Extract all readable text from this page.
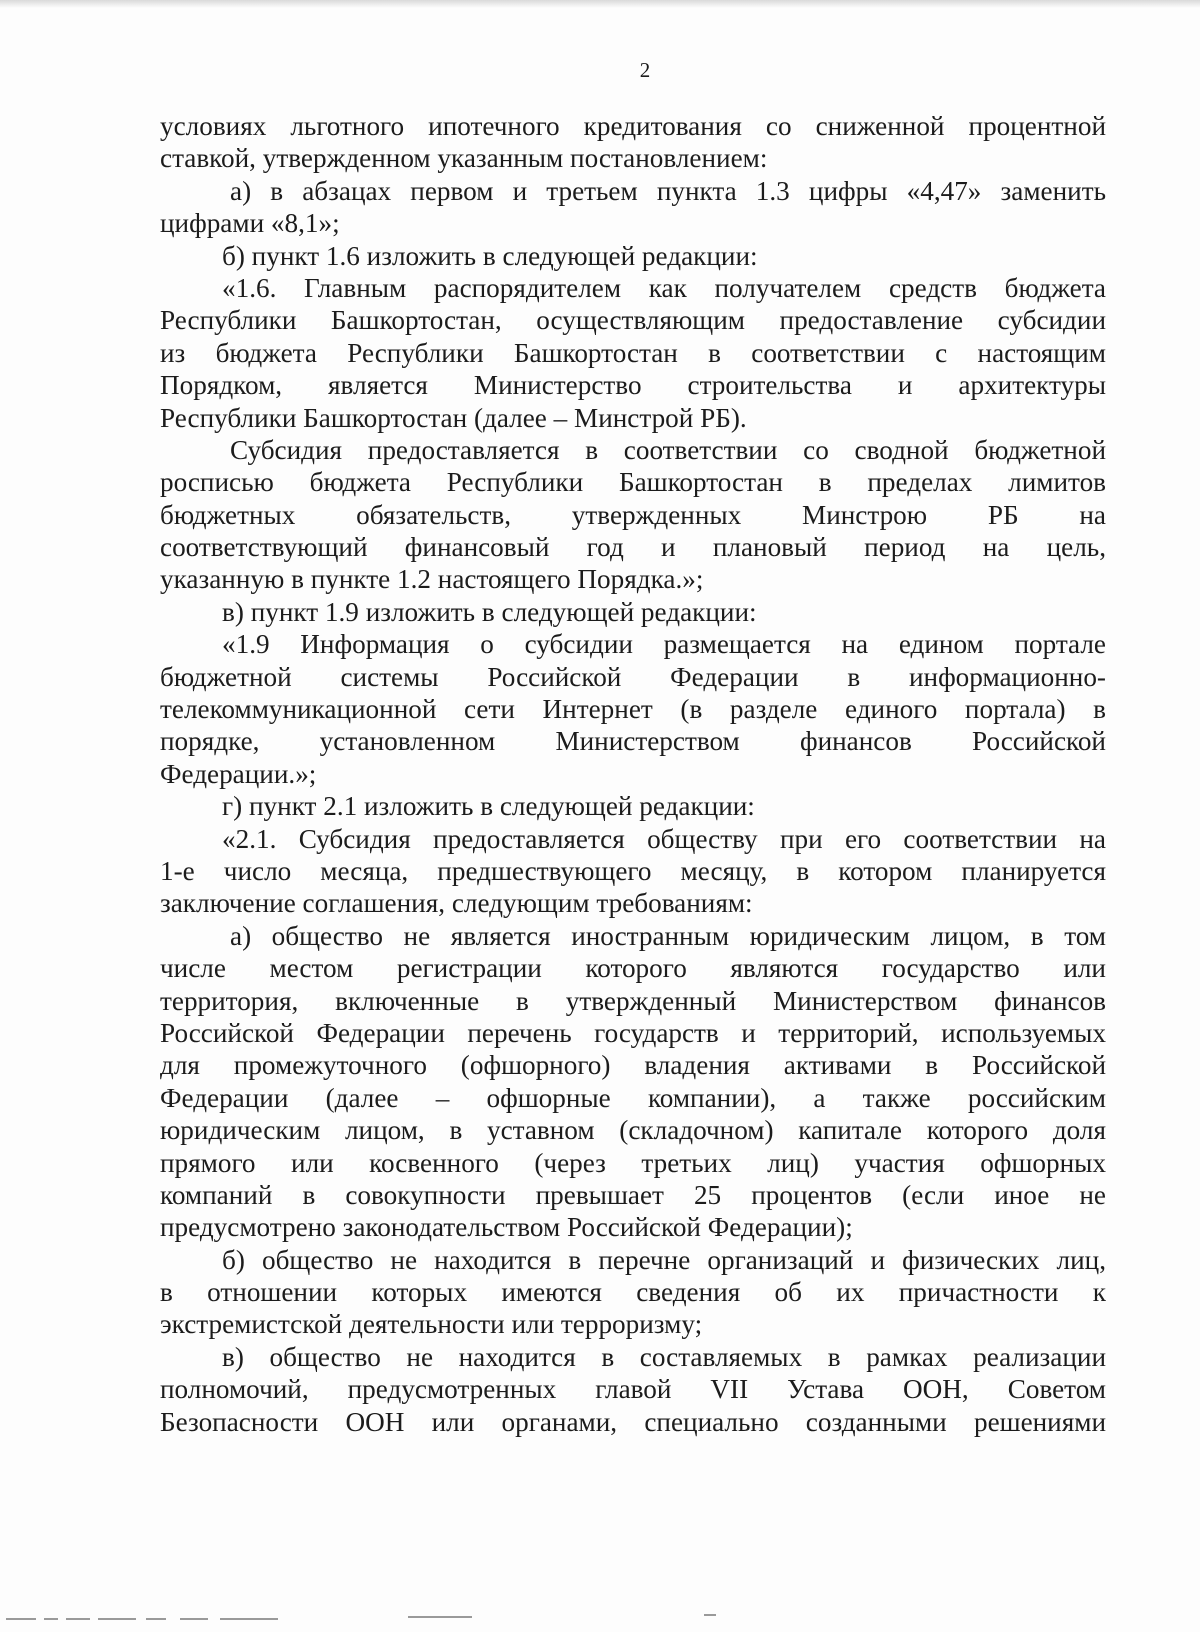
2
условиях льготного ипотечного кредитования со сниженной процентной
ставкой, утвержденном указанным постановлением:
а) в абзацах первом и третьем пункта 1.3 цифры «4,47» заменить
цифрами «8,1»;
б) пункт 1.6 изложить в следующей редакции:
«1.6. Главным распорядителем как получателем средств бюджета
Республики Башкортостан, осуществляющим предоставление субсидии
из бюджета Республики Башкортостан в соответствии с настоящим
Порядком, является Министерство строительства и архитектуры
Республики Башкортостан (далее – Минстрой РБ).
Субсидия предоставляется в соответствии со сводной бюджетной
росписью бюджета Республики Башкортостан в пределах лимитов
бюджетных обязательств, утвержденных Минстрою РБ на
соответствующий финансовый год и плановый период на цель,
указанную в пункте 1.2 настоящего Порядка.»;
в) пункт 1.9 изложить в следующей редакции:
«1.9 Информация о субсидии размещается на едином портале
бюджетной системы Российской Федерации в информационно-
телекоммуникационной сети Интернет (в разделе единого портала) в
порядке, установленном Министерством финансов Российской
Федерации.»;
г) пункт 2.1 изложить в следующей редакции:
«2.1. Субсидия предоставляется обществу при его соответствии на
1-е число месяца, предшествующего месяцу, в котором планируется
заключение соглашения, следующим требованиям:
а) общество не является иностранным юридическим лицом, в том
числе местом регистрации которого являются государство или
территория, включенные в утвержденный Министерством финансов
Российской Федерации перечень государств и территорий, используемых
для промежуточного (офшорного) владения активами в Российской
Федерации (далее – офшорные компании), а также российским
юридическим лицом, в уставном (складочном) капитале которого доля
прямого или косвенного (через третьих лиц) участия офшорных
компаний в совокупности превышает 25 процентов (если иное не
предусмотрено законодательством Российской Федерации);
б) общество не находится в перечне организаций и физических лиц,
в отношении которых имеются сведения об их причастности к
экстремистской деятельности или терроризму;
в) общество не находится в составляемых в рамках реализации
полномочий, предусмотренных главой VII Устава ООН, Советом
Безопасности ООН или органами, специально созданными решениями
